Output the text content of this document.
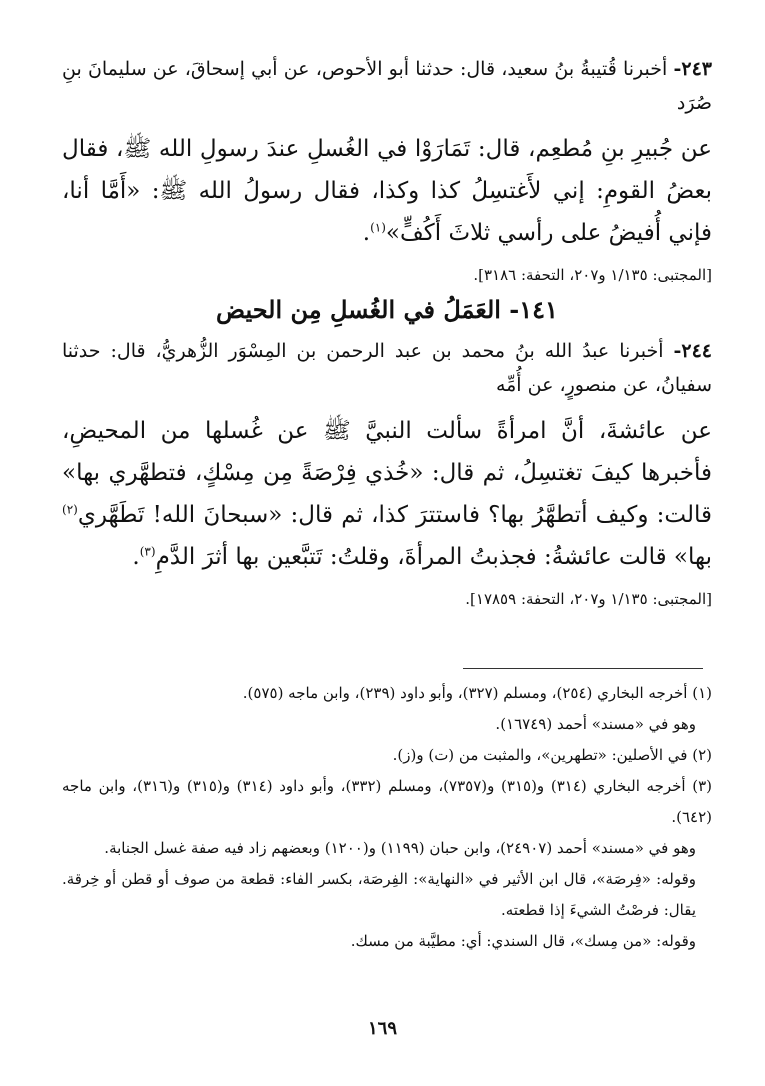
٢٤٣- أخبرنا قُتيبةُ بنُ سعيد، قال: حدثنا أبو الأحوص، عن أبي إسحاقَ، عن سليمانَ بنِ صُرَد

عن جُبيرِ بنِ مُطعِم، قال: تَمَارَوْا في الغُسلِ عندَ رسولِ الله ﷺ، فقال بعضُ القومِ: إني لأَغتسِلُ كذا وكذا، فقال رسولُ الله ﷺ: «أَمَّا أنا، فإني أُفيضُ على رأسي ثلاثَ أَكُفٍّ»$^{(١)}$.

[المجتبى: ١/١٣٥ و٢٠٧، التحفة: ٣١٨٦].

١٤١- العَمَلُ في الغُسلِ مِن الحيض

٢٤٤- أخبرنا عبدُ الله بنُ محمد بن عبد الرحمن بن المِسْوَر الزُّهريُّ، قال: حدثنا سفيانُ، عن منصورٍ، عن أُمِّه

عن عائشةَ، أنَّ امرأةً سألت النبيَّ ﷺ عن غُسلها من المحيضِ، فأخبرها كيفَ تغتسِلُ، ثم قال: «خُذي فِرْصَةً مِن مِسْكٍ، فتطهَّري بها» قالت: وكيف أتطهَّرُ بها؟ فاستترَ كذا، ثم قال: «سبحانَ الله! تَطَهَّري$^{(٢)}$ بها» قالت عائشةُ: فجذبتُ المرأةَ، وقلتُ: تَتبَّعين بها أثرَ الدَّمِ$^{(٣)}$.

[المجتبى: ١/١٣٥ و٢٠٧، التحفة: ١٧٨٥٩].

(١) أخرجه البخاري (٢٥٤)، ومسلم (٣٢٧)، وأبو داود (٢٣٩)، وابن ماجه (٥٧٥).

وهو في «مسند» أحمد (١٦٧٤٩).

(٢) في الأصلين: «تطهرين»، والمثبت من (ت) و(ز).

(٣) أخرجه البخاري (٣١٤) و(٣١٥) و(٧٣٥٧)، ومسلم (٣٣٢)، وأبو داود (٣١٤) و(٣١٥) و(٣١٦)، وابن ماجه (٦٤٢).

وهو في «مسند» أحمد (٢٤٩٠٧)، وابن حبان (١١٩٩) و(١٢٠٠) وبعضهم زاد فيه صفة غسل الجنابة.

وقوله: «فِرصَة»، قال ابن الأثير في «النهاية»: الفِرصَة، بكسر الفاء: قطعة من صوف أو قطن أو خِرقة. يقال: فرصْتُ الشيءَ إذا قطعته.

وقوله: «من مِسك»، قال السندي: أي: مطيَّبة من مسك.

١٦٩
